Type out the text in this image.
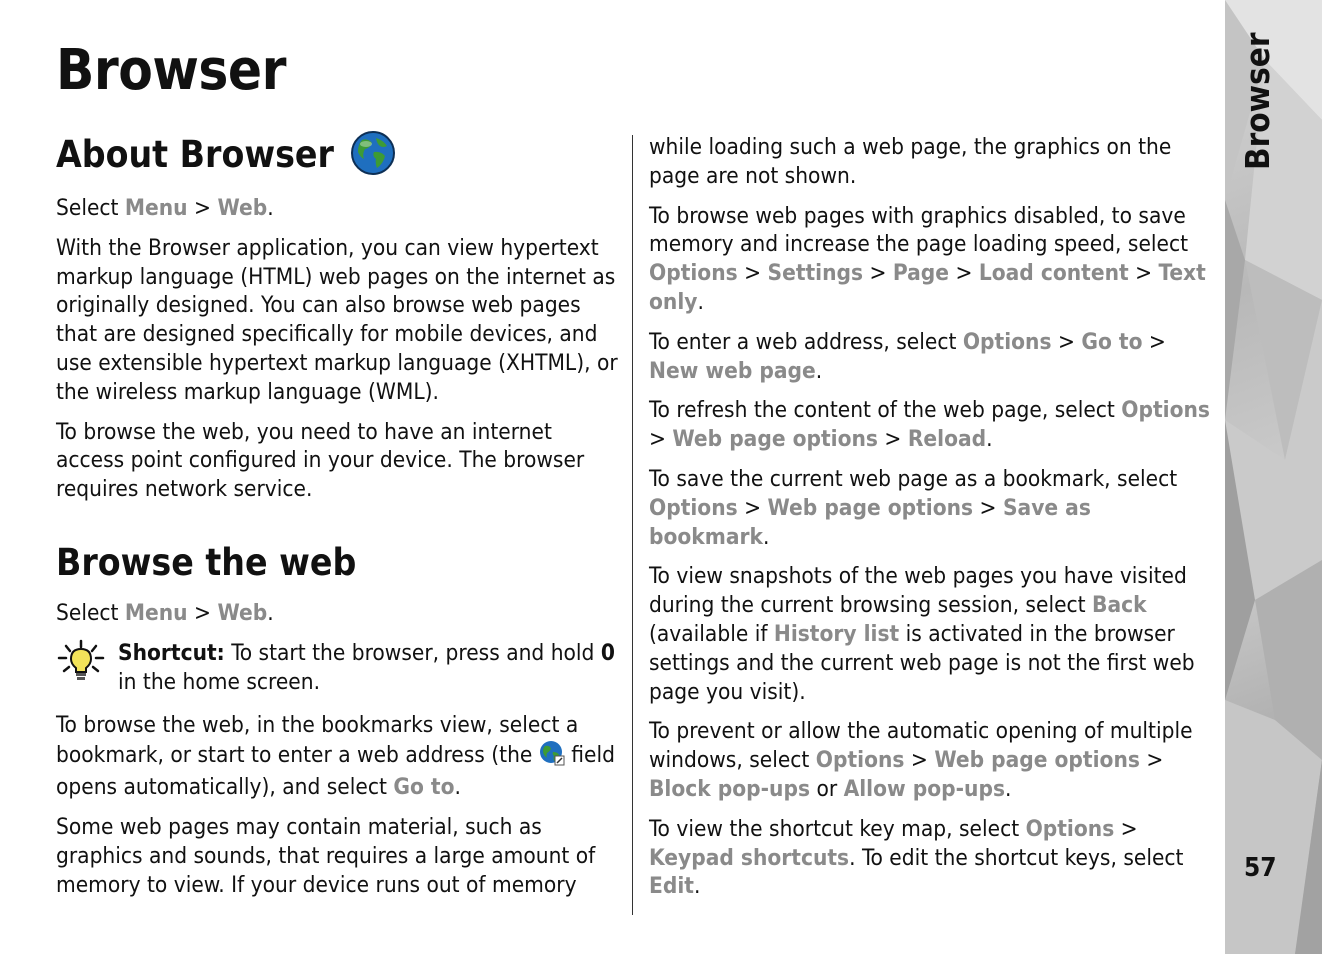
Browser
About Browser

Select Menu > Web.

With the Browser application, you can view hypertext markup language (HTML) web pages on the internet as originally designed. You can also browse web pages that are designed specifically for mobile devices, and use extensible hypertext markup language (XHTML), or the wireless markup language (WML).

To browse the web, you need to have an internet access point configured in your device. The browser requires network service.

Browse the web

Select Menu > Web.

Shortcut: To start the browser, press and hold 0 in the home screen.

To browse the web, in the bookmarks view, select a bookmark, or start to enter a web address (the  field opens automatically), and select Go to.

Some web pages may contain material, such as graphics and sounds, that requires a large amount of memory to view. If your device runs out of memory

while loading such a web page, the graphics on the page are not shown.

To browse web pages with graphics disabled, to save memory and increase the page loading speed, select Options > Settings > Page > Load content > Text only.

To enter a web address, select Options > Go to > New web page.

To refresh the content of the web page, select Options > Web page options > Reload.

To save the current web page as a bookmark, select Options > Web page options > Save as bookmark.

To view snapshots of the web pages you have visited during the current browsing session, select Back (available if History list is activated in the browser settings and the current web page is not the first web page you visit).

To prevent or allow the automatic opening of multiple windows, select Options > Web page options > Block pop-ups or Allow pop-ups.

To view the shortcut key map, select Options > Keypad shortcuts. To edit the shortcut keys, select Edit.

Browser
57
